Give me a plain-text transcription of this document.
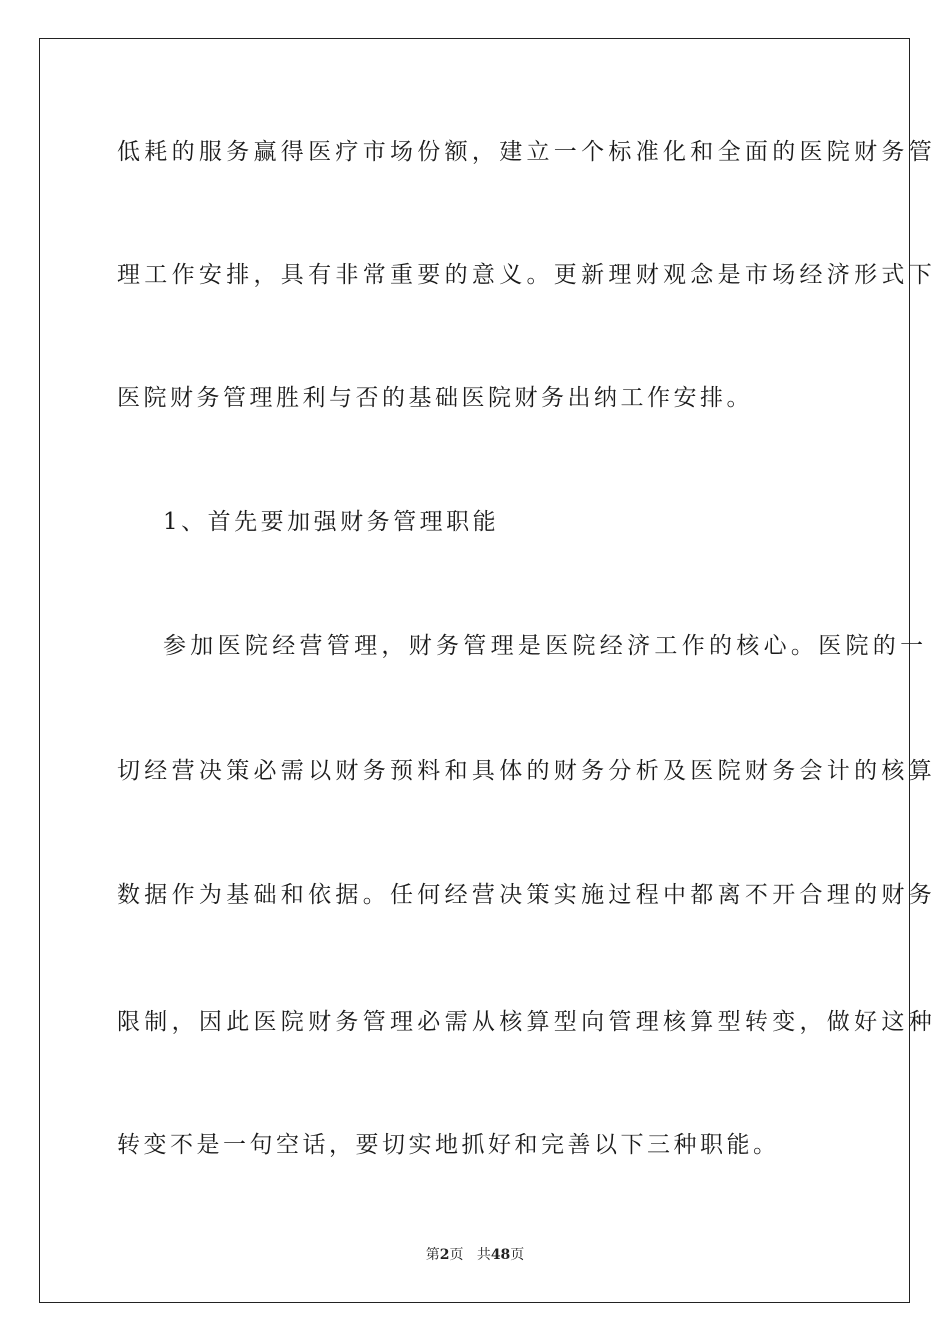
低耗的服务赢得医疗市场份额，建立一个标准化和全面的医院财务管
理工作安排，具有非常重要的意义。更新理财观念是市场经济形式下
医院财务管理胜利与否的基础医院财务出纳工作安排。
1、首先要加强财务管理职能
参加医院经营管理，财务管理是医院经济工作的核心。医院的一
切经营决策必需以财务预料和具体的财务分析及医院财务会计的核算
数据作为基础和依据。任何经营决策实施过程中都离不开合理的财务
限制，因此医院财务管理必需从核算型向管理核算型转变，做好这种
转变不是一句空话，要切实地抓好和完善以下三种职能。
第2页 共48页
